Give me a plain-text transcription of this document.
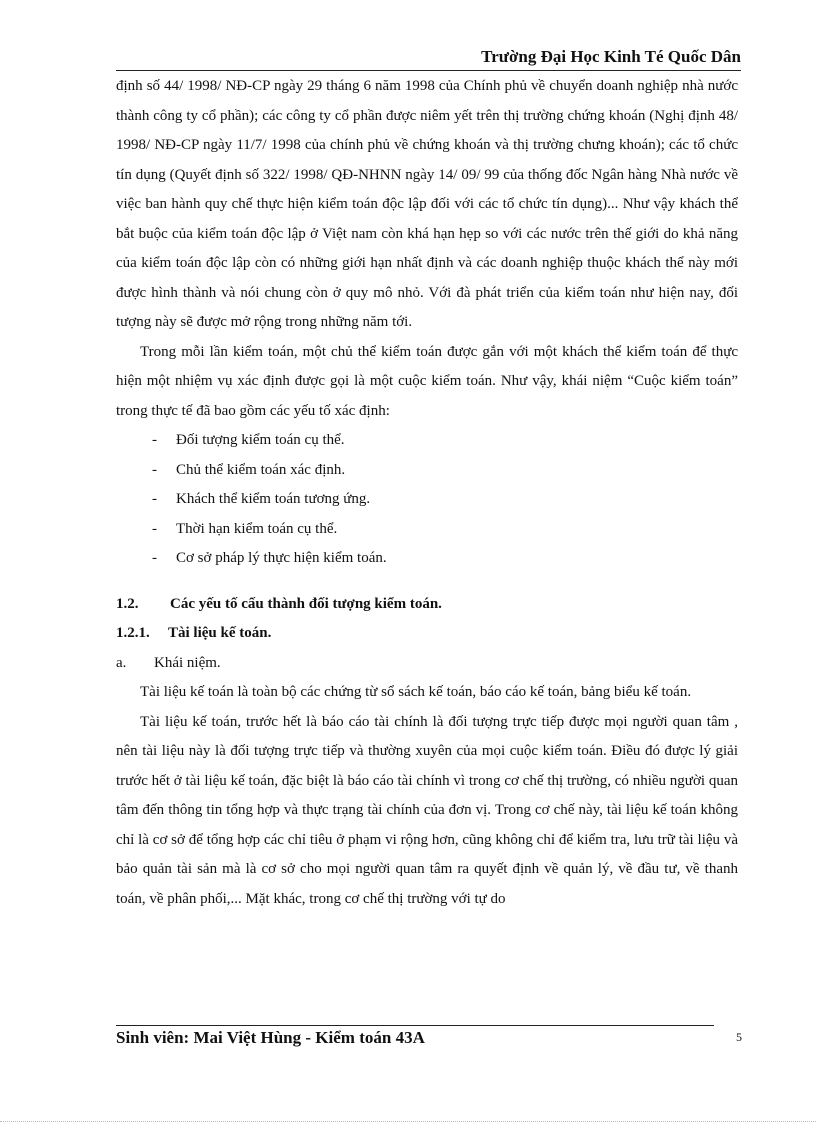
Trường Đại Học Kinh Té Quốc Dân

định số 44/ 1998/ NĐ-CP ngày 29 tháng 6 năm 1998 của Chính phủ về chuyển doanh nghiệp nhà nước thành công ty cổ phần); các công ty cổ phần được niêm yết trên thị trường chứng khoán (Nghị định 48/ 1998/ NĐ-CP ngày 11/7/ 1998 của chính phủ về chứng khoán và thị trường chưng khoán); các tổ chức tín dụng (Quyết định số 322/ 1998/ QĐ-NHNN ngày 14/ 09/ 99 của thống đốc Ngân hàng Nhà nước về việc ban hành quy chế thực hiện kiểm toán độc lập đối với các tổ chức tín dụng)... Như vậy khách thể bắt buộc của kiểm toán độc lập ở Việt nam còn khá hạn hẹp so với các nước trên thế giới do khả năng của kiểm toán độc lập còn có những giới hạn nhất định và các doanh nghiệp thuộc khách thể này mới được hình thành và nói chung còn ở quy mô nhỏ. Với đà phát triển của kiểm toán như hiện nay, đối tượng này sẽ được mở rộng trong những năm tới.

Trong mỗi lần kiểm toán, một chủ thể kiểm toán được gắn với một khách thể kiểm toán để thực hiện một nhiệm vụ xác định được gọi là một cuộc kiểm toán. Như vậy, khái niệm “Cuộc kiểm toán” trong thực tế đã bao gồm các yếu tố xác định:

- Đối tượng kiểm toán cụ thể.
- Chủ thể kiểm toán xác định.
- Khách thể kiểm toán tương ứng.
- Thời hạn kiểm toán cụ thể.
- Cơ sở pháp lý thực hiện kiểm toán.

1.2. Các yếu tố cấu thành đối tượng kiểm toán.

1.2.1. Tài liệu kế toán.

a. Khái niệm.

Tài liệu kế toán là toàn bộ các chứng từ sổ sách kế toán, báo cáo kế toán, bảng biểu kế toán.

Tài liệu kế toán, trước hết là báo cáo tài chính là đối tượng trực tiếp được mọi người quan tâm , nên tài liệu này là đối tượng trực tiếp và thường xuyên của mọi cuộc kiểm toán. Điều đó được lý giải trước hết ở tài liệu kế toán, đặc biệt là báo cáo tài chính vì trong cơ chế thị trường, có nhiều người quan tâm đến thông tin tổng hợp và thực trạng tài chính của đơn vị. Trong cơ chế này, tài liệu kế toán không chỉ là cơ sở để tổng hợp các chỉ tiêu ở phạm vi rộng hơn, cũng không chỉ để kiểm tra, lưu trữ tài liệu và bảo quản tài sản mà là cơ sở cho mọi người quan tâm ra quyết định về quản lý, về đầu tư, về thanh toán, về phân phối,... Mặt khác, trong cơ chế thị trường với tự do

Sinh viên: Mai Việt Hùng - Kiểm toán 43A	5
